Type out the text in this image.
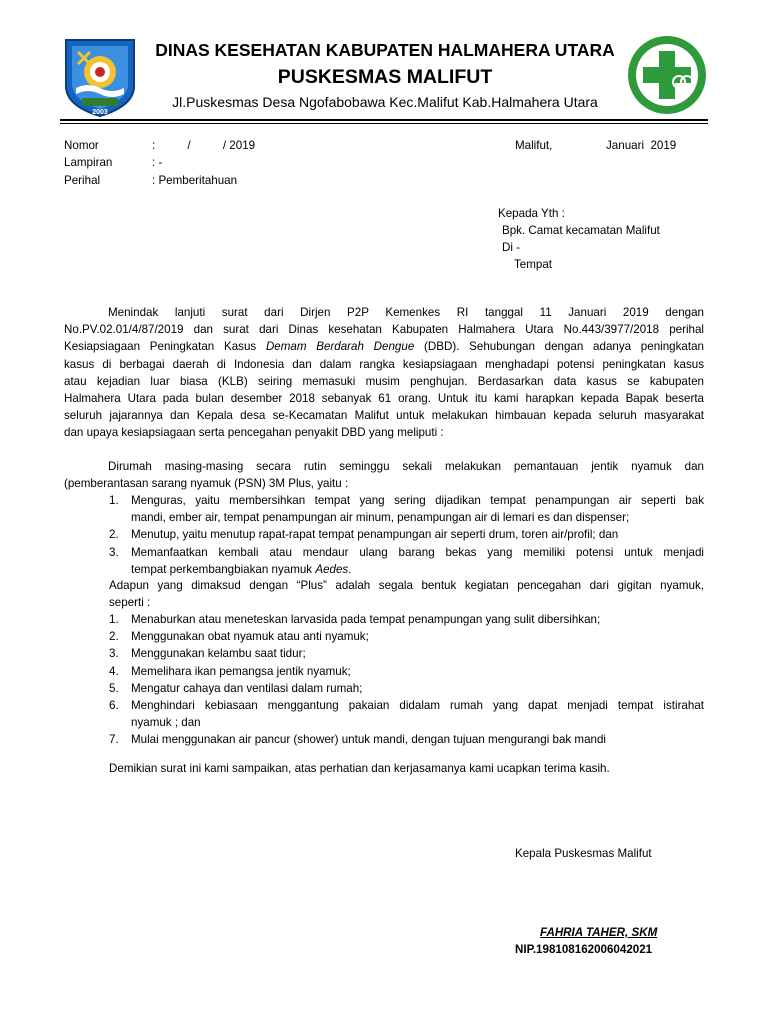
2003
DINAS KESEHATAN KABUPATEN HALMAHERA UTARA
PUSKESMAS MALIFUT
Jl.Puskesmas Desa Ngofabobawa Kec.Malifut Kab.Halmahera Utara
Nomor	:          /          / 2019
Lampiran	: -
Perihal	: Pemberitahuan
Malifut,	Januari  2019
Kepada Yth :
Bpk. Camat kecamatan Malifut
Di -
Tempat
Menindak lanjuti surat dari Dirjen P2P Kemenkes RI tanggal 11 Januari 2019 dengan
No.PV.02.01/4/87/2019 dan surat dari Dinas kesehatan Kabupaten Halmahera Utara No.443/3977/2018 perihal
Kesiapsiagaan Peningkatan Kasus Demam Berdarah Dengue (DBD). Sehubungan dengan adanya peningkatan
kasus di berbagai daerah di Indonesia dan dalam rangka kesiapsiagaan menghadapi potensi peningkatan kasus
atau kejadian luar biasa (KLB) seiring memasuki musim penghujan. Berdasarkan data kasus se kabupaten
Halmahera Utara pada bulan desember 2018 sebanyak 61 orang. Untuk itu kami harapkan kepada Bapak beserta
seluruh jajarannya dan Kepala desa se-Kecamatan Malifut untuk melakukan himbauan kepada seluruh masyarakat
dan upaya kesiapsiagaan serta pencegahan penyakit DBD yang meliputi :
Dirumah masing-masing secara rutin seminggu sekali melakukan pemantauan jentik nyamuk dan
(pemberantasan sarang nyamuk (PSN) 3M Plus, yaitu :
1. Menguras, yaitu membersihkan tempat yang sering dijadikan tempat penampungan air seperti bak
mandi, ember air, tempat penampungan air minum, penampungan air di lemari es dan dispenser;
2. Menutup, yaitu menutup rapat-rapat tempat penampungan air seperti drum, toren air/profil; dan
3. Memanfaatkan kembali atau mendaur ulang barang bekas yang memiliki potensi untuk menjadi
tempat perkembangbiakan nyamuk Aedes.
Adapun yang dimaksud dengan “Plus” adalah segala bentuk kegiatan pencegahan dari gigitan nyamuk,
seperti :
1. Menaburkan atau meneteskan larvasida pada tempat penampungan yang sulit dibersihkan;
2. Menggunakan obat nyamuk atau anti nyamuk;
3. Menggunakan kelambu saat tidur;
4. Memelihara ikan pemangsa jentik nyamuk;
5. Mengatur cahaya dan ventilasi dalam rumah;
6. Menghindari kebiasaan menggantung pakaian didalam rumah yang dapat menjadi tempat istirahat
nyamuk ; dan
7. Mulai menggunakan air pancur (shower) untuk mandi, dengan tujuan mengurangi bak mandi
Demikian surat ini kami sampaikan, atas perhatian dan kerjasamanya kami ucapkan terima kasih.
Kepala Puskesmas Malifut
FAHRIA TAHER, SKM
NIP.198108162006042021
